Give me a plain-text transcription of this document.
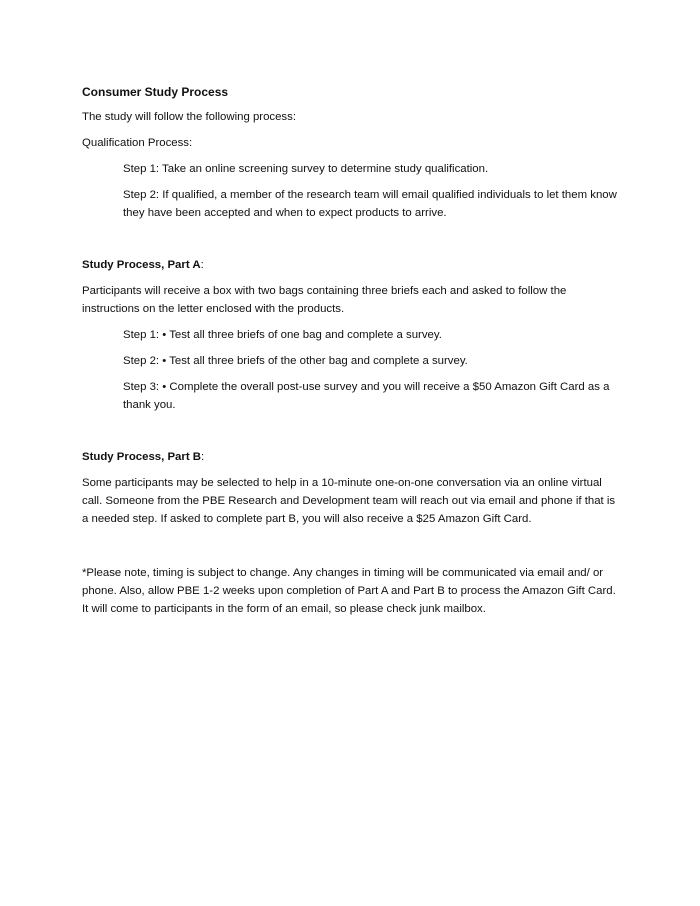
Consumer Study Process

The study will follow the following process:

Qualification Process:

Step 1: Take an online screening survey to determine study qualification.

Step 2: If qualified, a member of the research team will email qualified individuals to let them know they have been accepted and when to expect products to arrive.

Study Process, Part A:

Participants will receive a box with two bags containing three briefs each and asked to follow the instructions on the letter enclosed with the products.

Step 1: • Test all three briefs of one bag and complete a survey.

Step 2: • Test all three briefs of the other bag and complete a survey.

Step 3: • Complete the overall post-use survey and you will receive a $50 Amazon Gift Card as a thank you.

Study Process, Part B:

Some participants may be selected to help in a 10-minute one-on-one conversation via an online virtual call. Someone from the PBE Research and Development team will reach out via email and phone if that is a needed step. If asked to complete part B, you will also receive a $25 Amazon Gift Card.

*Please note, timing is subject to change. Any changes in timing will be communicated via email and/ or phone. Also, allow PBE 1-2 weeks upon completion of Part A and Part B to process the Amazon Gift Card. It will come to participants in the form of an email, so please check junk mailbox.
